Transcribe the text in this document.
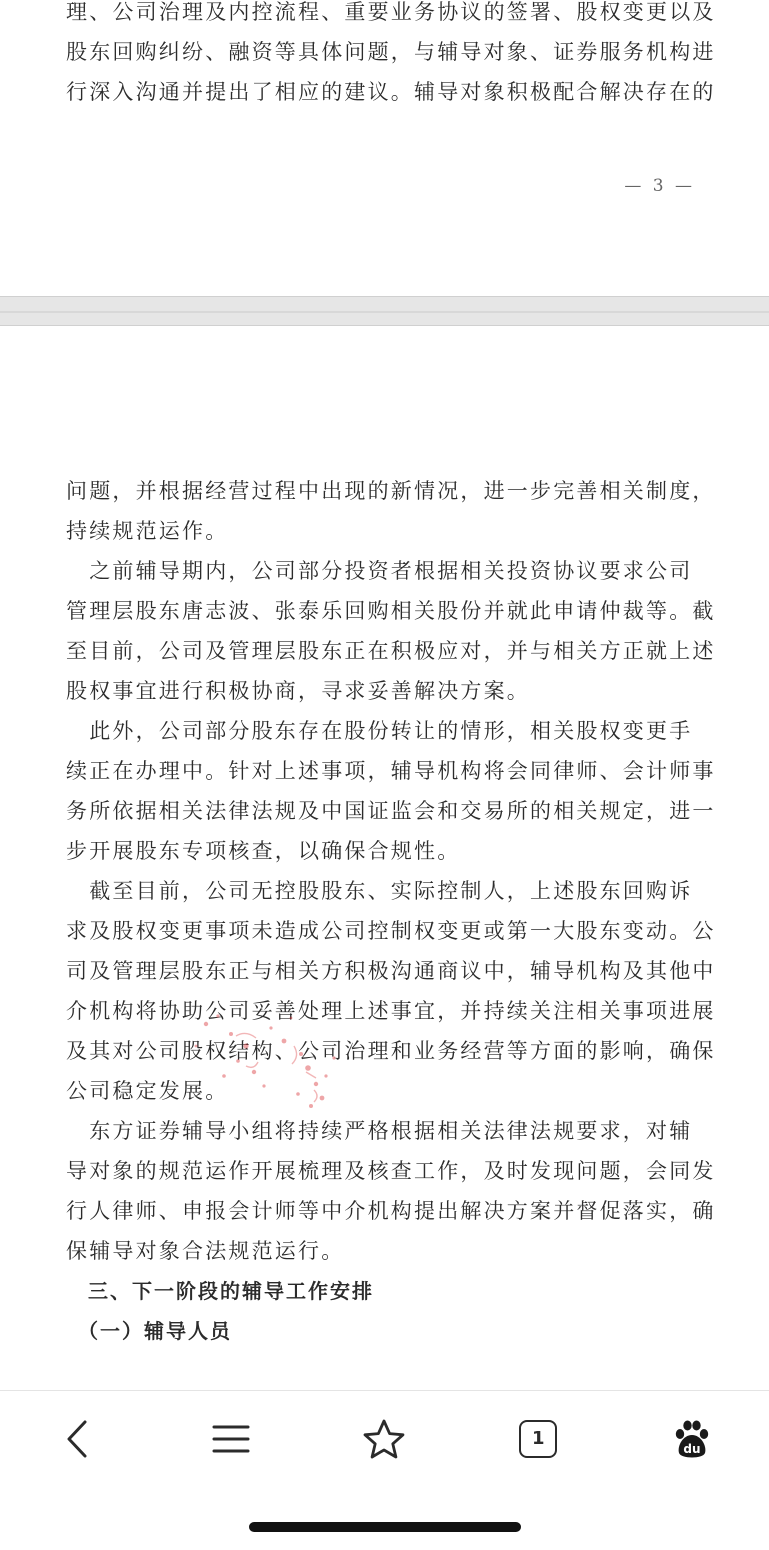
理、公司治理及内控流程、重要业务协议的签署、股权变更以及
股东回购纠纷、融资等具体问题，与辅导对象、证券服务机构进
行深入沟通并提出了相应的建议。辅导对象积极配合解决存在的
— 3 —
问题，并根据经营过程中出现的新情况，进一步完善相关制度，
持续规范运作。
　之前辅导期内，公司部分投资者根据相关投资协议要求公司
管理层股东唐志波、张泰乐回购相关股份并就此申请仲裁等。截
至目前，公司及管理层股东正在积极应对，并与相关方正就上述
股权事宜进行积极协商，寻求妥善解决方案。
　此外，公司部分股东存在股份转让的情形，相关股权变更手
续正在办理中。针对上述事项，辅导机构将会同律师、会计师事
务所依据相关法律法规及中国证监会和交易所的相关规定，进一
步开展股东专项核查，以确保合规性。
　截至目前，公司无控股股东、实际控制人，上述股东回购诉
求及股权变更事项未造成公司控制权变更或第一大股东变动。公
司及管理层股东正与相关方积极沟通商议中，辅导机构及其他中
介机构将协助公司妥善处理上述事宜，并持续关注相关事项进展
及其对公司股权结构、公司治理和业务经营等方面的影响，确保
公司稳定发展。
　东方证券辅导小组将持续严格根据相关法律法规要求，对辅
导对象的规范运作开展梳理及核查工作，及时发现问题，会同发
行人律师、申报会计师等中介机构提出解决方案并督促落实，确
保辅导对象合法规范运行。
　三、下一阶段的辅导工作安排
　（一）辅导人员
1	du
